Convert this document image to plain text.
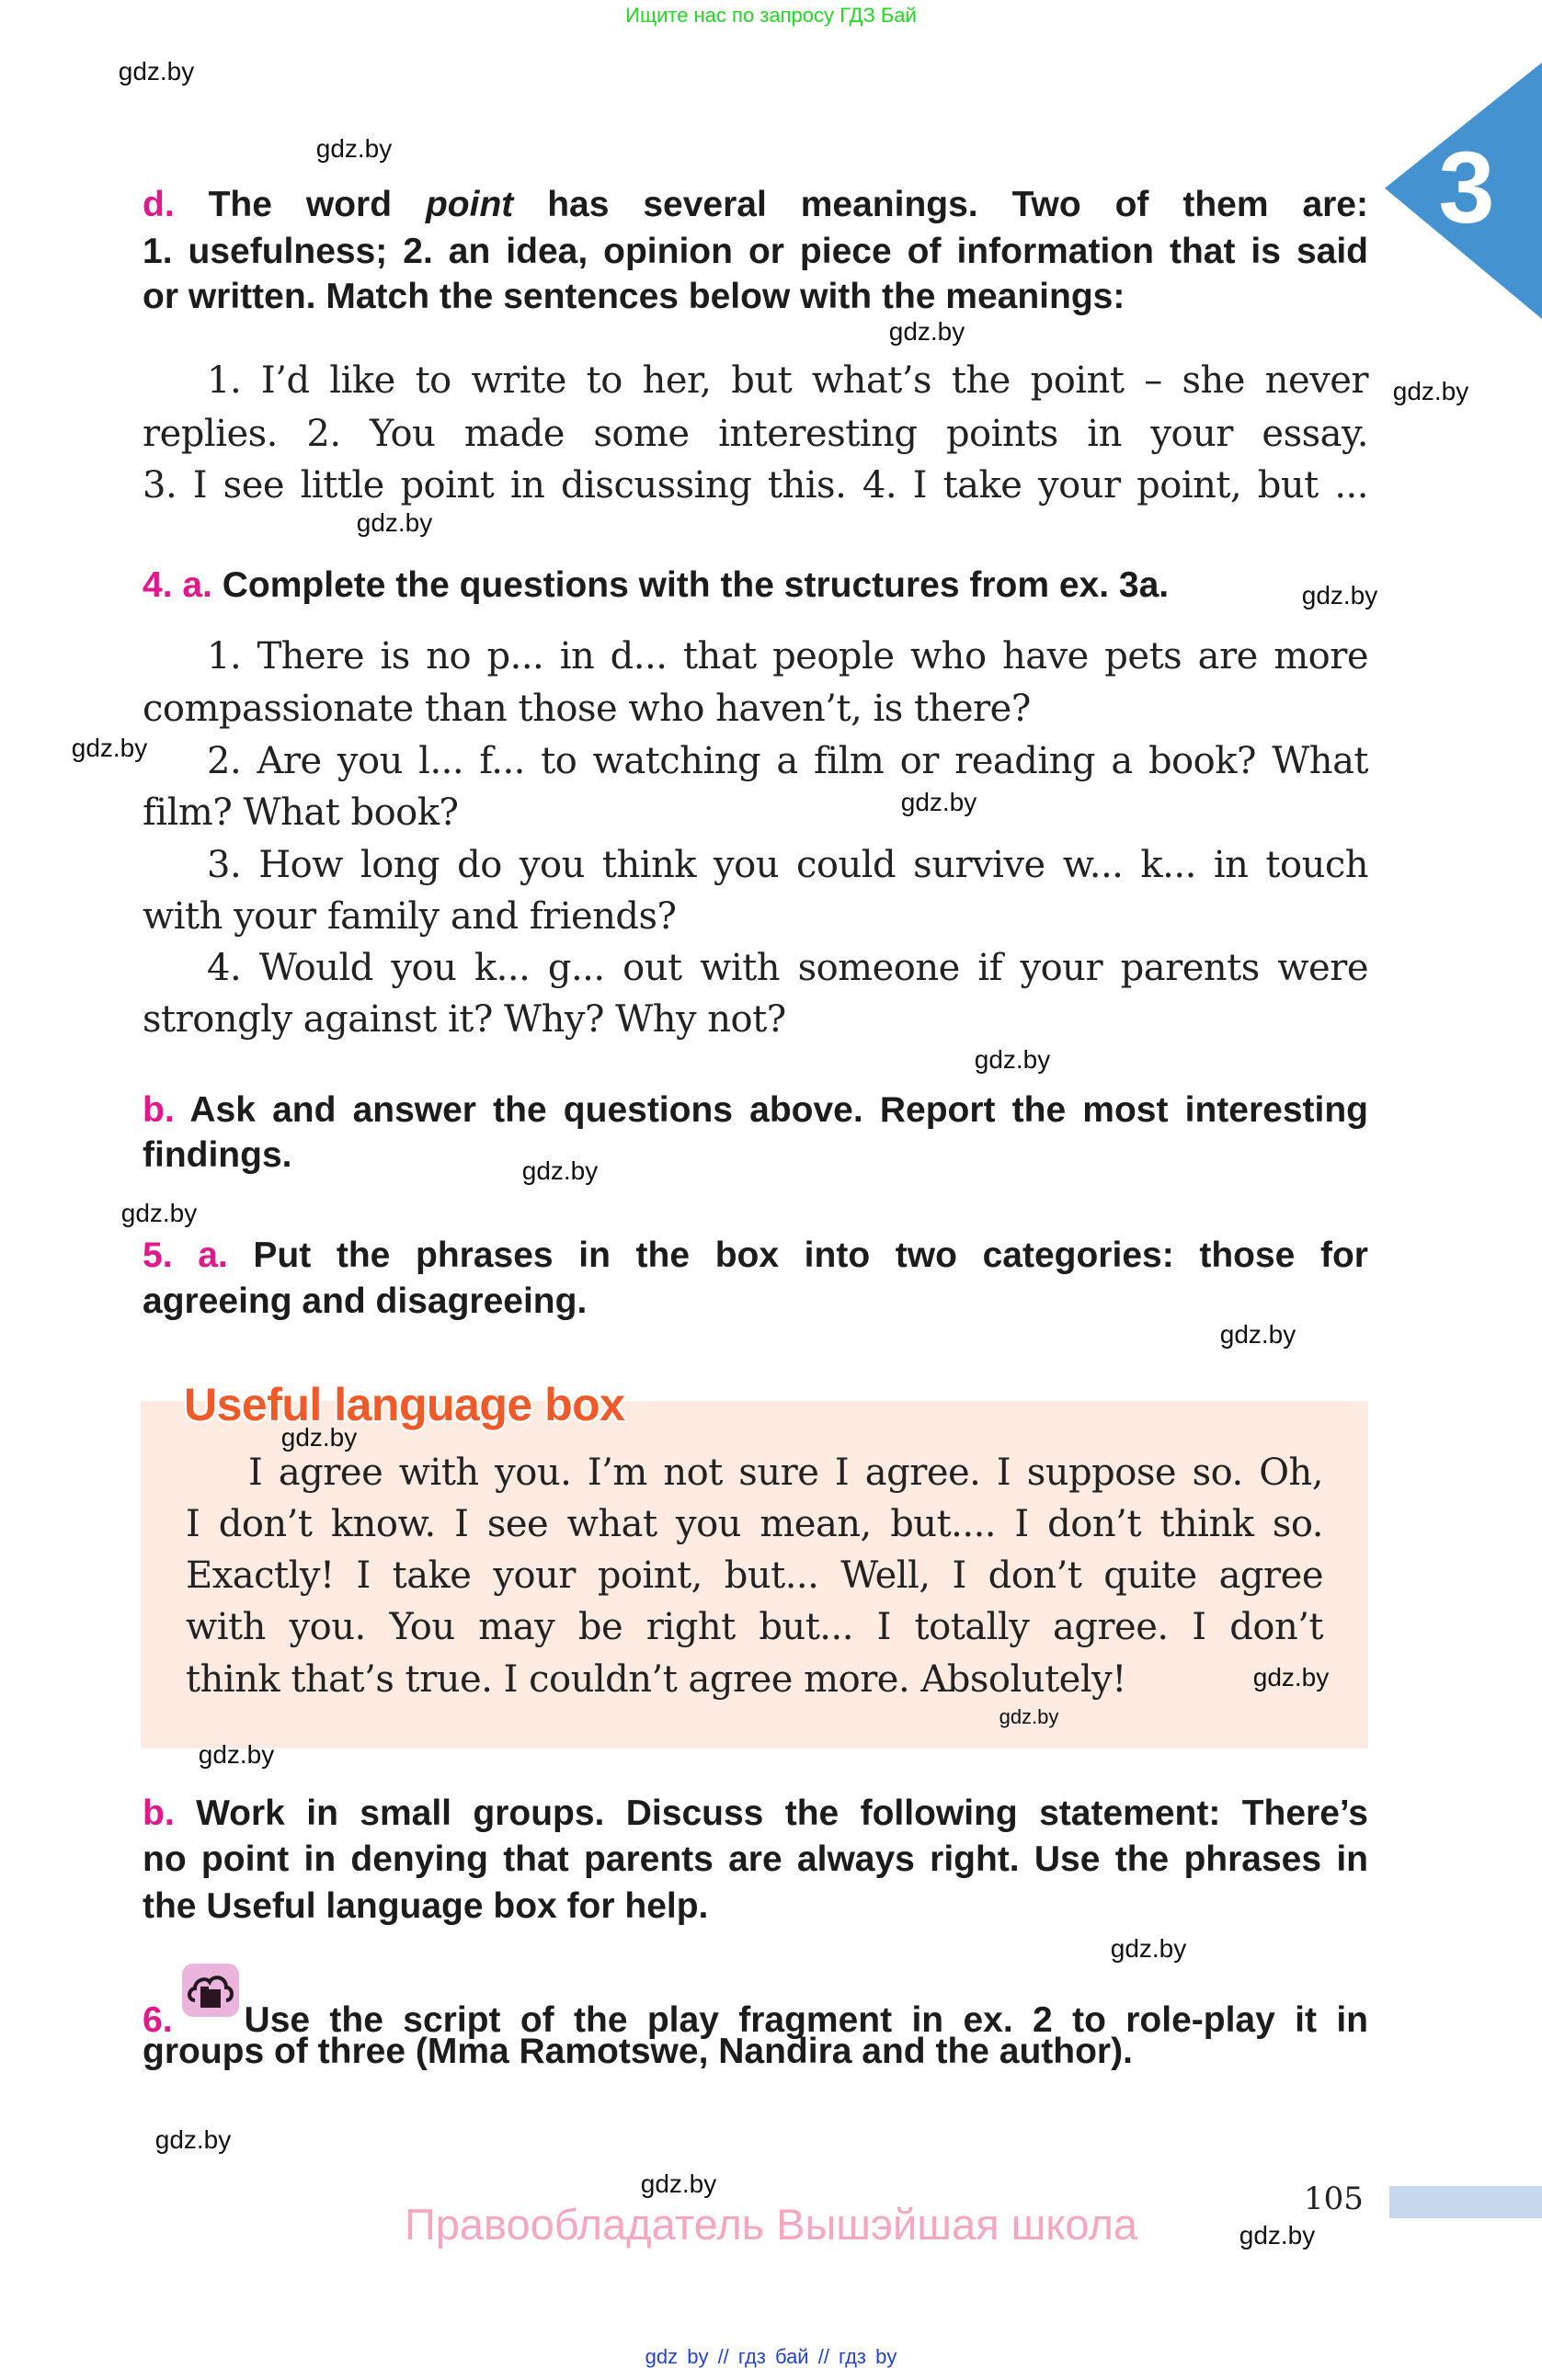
Ищите нас по запросу ГДЗ Бай
3
d. The word point has several meanings. Two of them are:
1. usefulness; 2. an idea, opinion or piece of information that is said
or written. Match the sentences below with the meanings:
1. I’d like to write to her, but what’s the point – she never
replies. 2. You made some interesting points in your essay.
3. I see little point in discussing this. 4. I take your point, but ...
4. a. Complete the questions with the structures from ex. 3a.
1. There is no p... in d... that people who have pets are more
compassionate than those who haven’t, is there?
2. Are you l... f... to watching a film or reading a book? What
film? What book?
3. How long do you think you could survive w... k... in touch
with your family and friends?
4. Would you k... g... out with someone if your parents were
strongly against it? Why? Why not?
b. Ask and answer the questions above. Report the most interesting
findings.
5. a. Put the phrases in the box into two categories: those for
agreeing and disagreeing.
Useful language box
I agree with you. I’m not sure I agree. I suppose so. Oh,
I don’t know. I see what you mean, but.... I don’t think so.
Exactly! I take your point, but... Well, I don’t quite agree
with you. You may be right but... I totally agree. I don’t
think that’s true. I couldn’t agree more. Absolutely!
b. Work in small groups. Discuss the following statement: There’s
no point in denying that parents are always right. Use the phrases in
the Useful language box for help.
6. Use the script of the play fragment in ex. 2 to role-play it in
groups of three (Mma Ramotswe, Nandira and the author).
gdz.by
gdz.by
gdz.by
gdz.by
gdz.by
gdz.by
gdz.by
gdz.by
gdz.by
gdz.by
gdz.by
gdz.by
gdz.by
gdz.by
gdz.by
gdz.by
gdz.by
gdz.by
gdz.by
gdz.by
105
Правообладатель Вышэйшая школа
gdz by // гдз бай // гдз by
